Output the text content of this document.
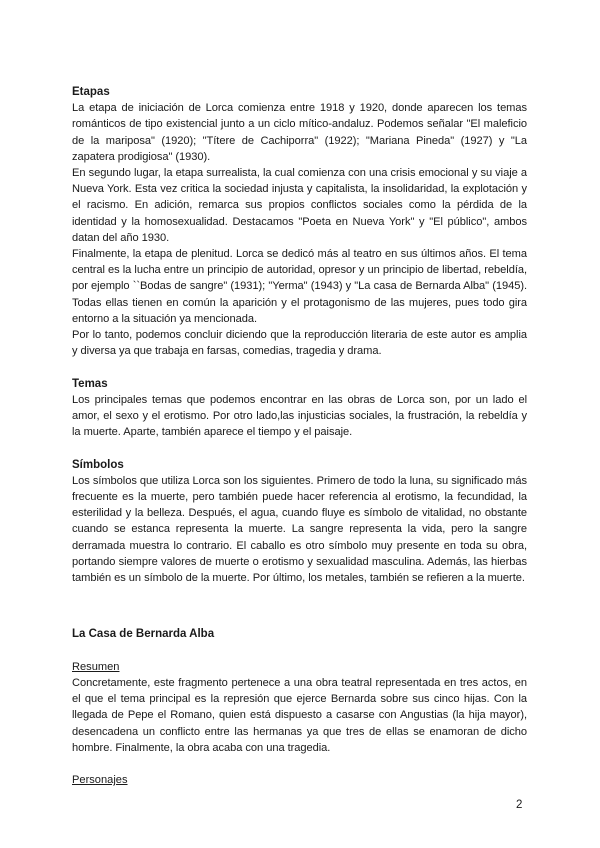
Etapas

La etapa de iniciación de Lorca comienza entre 1918 y 1920, donde aparecen los temas románticos de tipo existencial junto a un ciclo mítico-andaluz. Podemos señalar "El maleficio de la mariposa" (1920); "Títere de Cachiporra" (1922); "Mariana Pineda" (1927) y "La zapatera prodigiosa" (1930).

En segundo lugar, la etapa surrealista, la cual comienza con una crisis emocional y su viaje a Nueva York. Esta vez critica la sociedad injusta y capitalista, la insolidaridad, la explotación y el racismo. En adición, remarca sus propios conflictos sociales como la pérdida de la identidad y la homosexualidad. Destacamos "Poeta en Nueva York" y "El público", ambos datan del año 1930.

Finalmente, la etapa de plenitud. Lorca se dedicó más al teatro en sus últimos años. El tema central es la lucha entre un principio de autoridad, opresor y un principio de libertad, rebeldía, por ejemplo ``Bodas de sangre" (1931); "Yerma" (1943) y "La casa de Bernarda Alba" (1945). Todas ellas tienen en común la aparición y el protagonismo de las mujeres, pues todo gira entorno a la situación ya mencionada.

Por lo tanto, podemos concluir diciendo que la reproducción literaria de este autor es amplia y diversa ya que trabaja en farsas, comedias, tragedia y drama.

Temas

Los principales temas que podemos encontrar en las obras de Lorca son, por un lado el amor, el sexo y el erotismo. Por otro lado,las injusticias sociales, la frustración, la rebeldía y la muerte. Aparte, también aparece el tiempo y el paisaje.

Símbolos

Los símbolos que utiliza Lorca son los siguientes. Primero de todo la luna, su significado más frecuente es la muerte, pero también puede hacer referencia al erotismo, la fecundidad, la esterilidad y la belleza. Después, el agua, cuando fluye es símbolo de vitalidad, no obstante cuando se estanca representa la muerte. La sangre representa la vida, pero la sangre derramada muestra lo contrario. El caballo es otro símbolo muy presente en toda su obra, portando siempre valores de muerte o erotismo y sexualidad masculina. Además, las hierbas también es un símbolo de la muerte. Por último, los metales, también se refieren a la muerte.

La Casa de Bernarda Alba

Resumen

Concretamente, este fragmento pertenece a una obra teatral representada en tres actos, en el que el tema principal es la represión que ejerce Bernarda sobre sus cinco hijas. Con la llegada de Pepe el Romano, quien está dispuesto a casarse con Angustias (la hija mayor), desencadena un conflicto entre las hermanas ya que tres de ellas se enamoran de dicho hombre. Finalmente, la obra acaba con una tragedia.

Personajes

2
